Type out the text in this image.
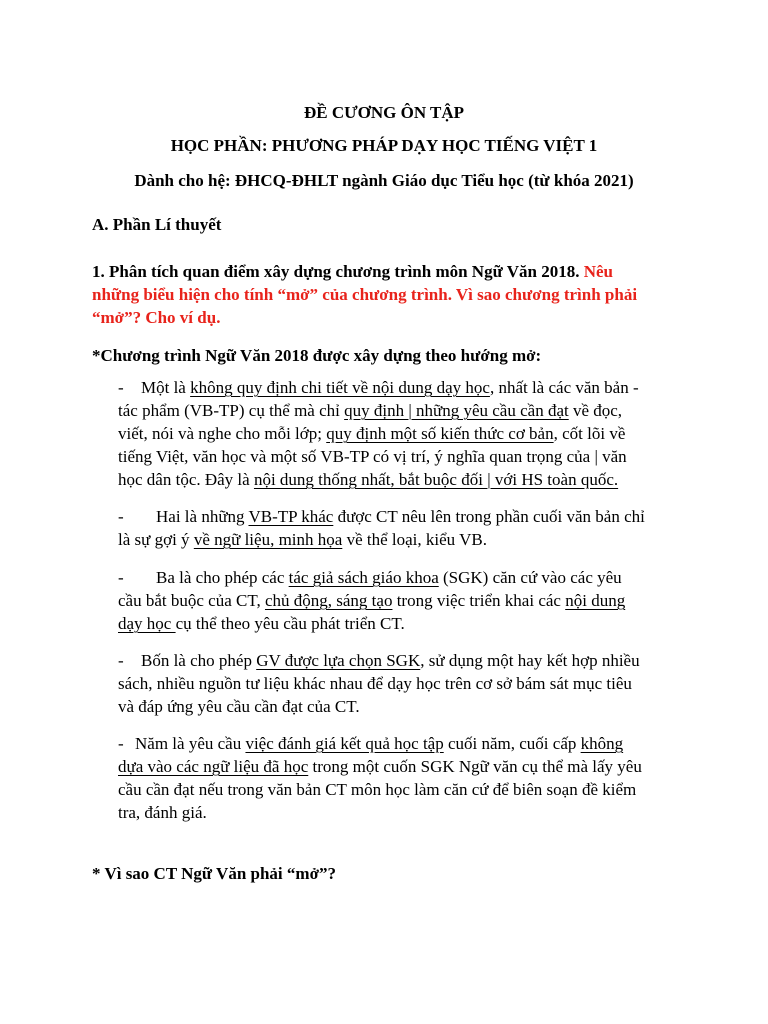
ĐỀ CƯƠNG ÔN TẬP
HỌC PHẦN: PHƯƠNG PHÁP DẠY HỌC TIẾNG VIỆT 1
Dành cho hệ: ĐHCQ-ĐHLT ngành Giáo dục Tiểu học (từ khóa 2021)
A. Phần Lí thuyết
1. Phân tích quan điểm xây dựng chương trình môn Ngữ Văn 2018. Nêu
những biểu hiện cho tính “mở” của chương trình. Vì sao chương trình phải
“mở”? Cho ví dụ.
*Chương trình Ngữ Văn 2018 được xây dựng theo hướng mở:
- Một là không quy định chi tiết về nội dung dạy học, nhất là các văn bản -
tác phẩm (VB-TP) cụ thể mà chỉ quy định | những yêu cầu cần đạt về đọc,
viết, nói và nghe cho mỗi lớp; quy định một số kiến thức cơ bản, cốt lõi về
tiếng Việt, văn học và một số VB-TP có vị trí, ý nghĩa quan trọng của | văn
học dân tộc. Đây là nội dung thống nhất, bắt buộc đối | với HS toàn quốc.
- Hai là những VB-TP khác được CT nêu lên trong phần cuối văn bản chỉ
là sự gợi ý về ngữ liệu, minh họa về thể loại, kiểu VB.
- Ba là cho phép các tác giả sách giáo khoa (SGK) căn cứ vào các yêu
cầu bắt buộc của CT, chủ động, sáng tạo trong việc triển khai các nội dung
dạy học cụ thể theo yêu cầu phát triển CT.
- Bốn là cho phép GV được lựa chọn SGK, sử dụng một hay kết hợp nhiều
sách, nhiều nguồn tư liệu khác nhau để dạy học trên cơ sở bám sát mục tiêu
và đáp ứng yêu cầu cần đạt của CT.
- Năm là yêu cầu việc đánh giá kết quả học tập cuối năm, cuối cấp không
dựa vào các ngữ liệu đã học trong một cuốn SGK Ngữ văn cụ thể mà lấy yêu
cầu cần đạt nếu trong văn bản CT môn học làm căn cứ để biên soạn đề kiểm
tra, đánh giá.
* Vì sao CT Ngữ Văn phải “mở”?
